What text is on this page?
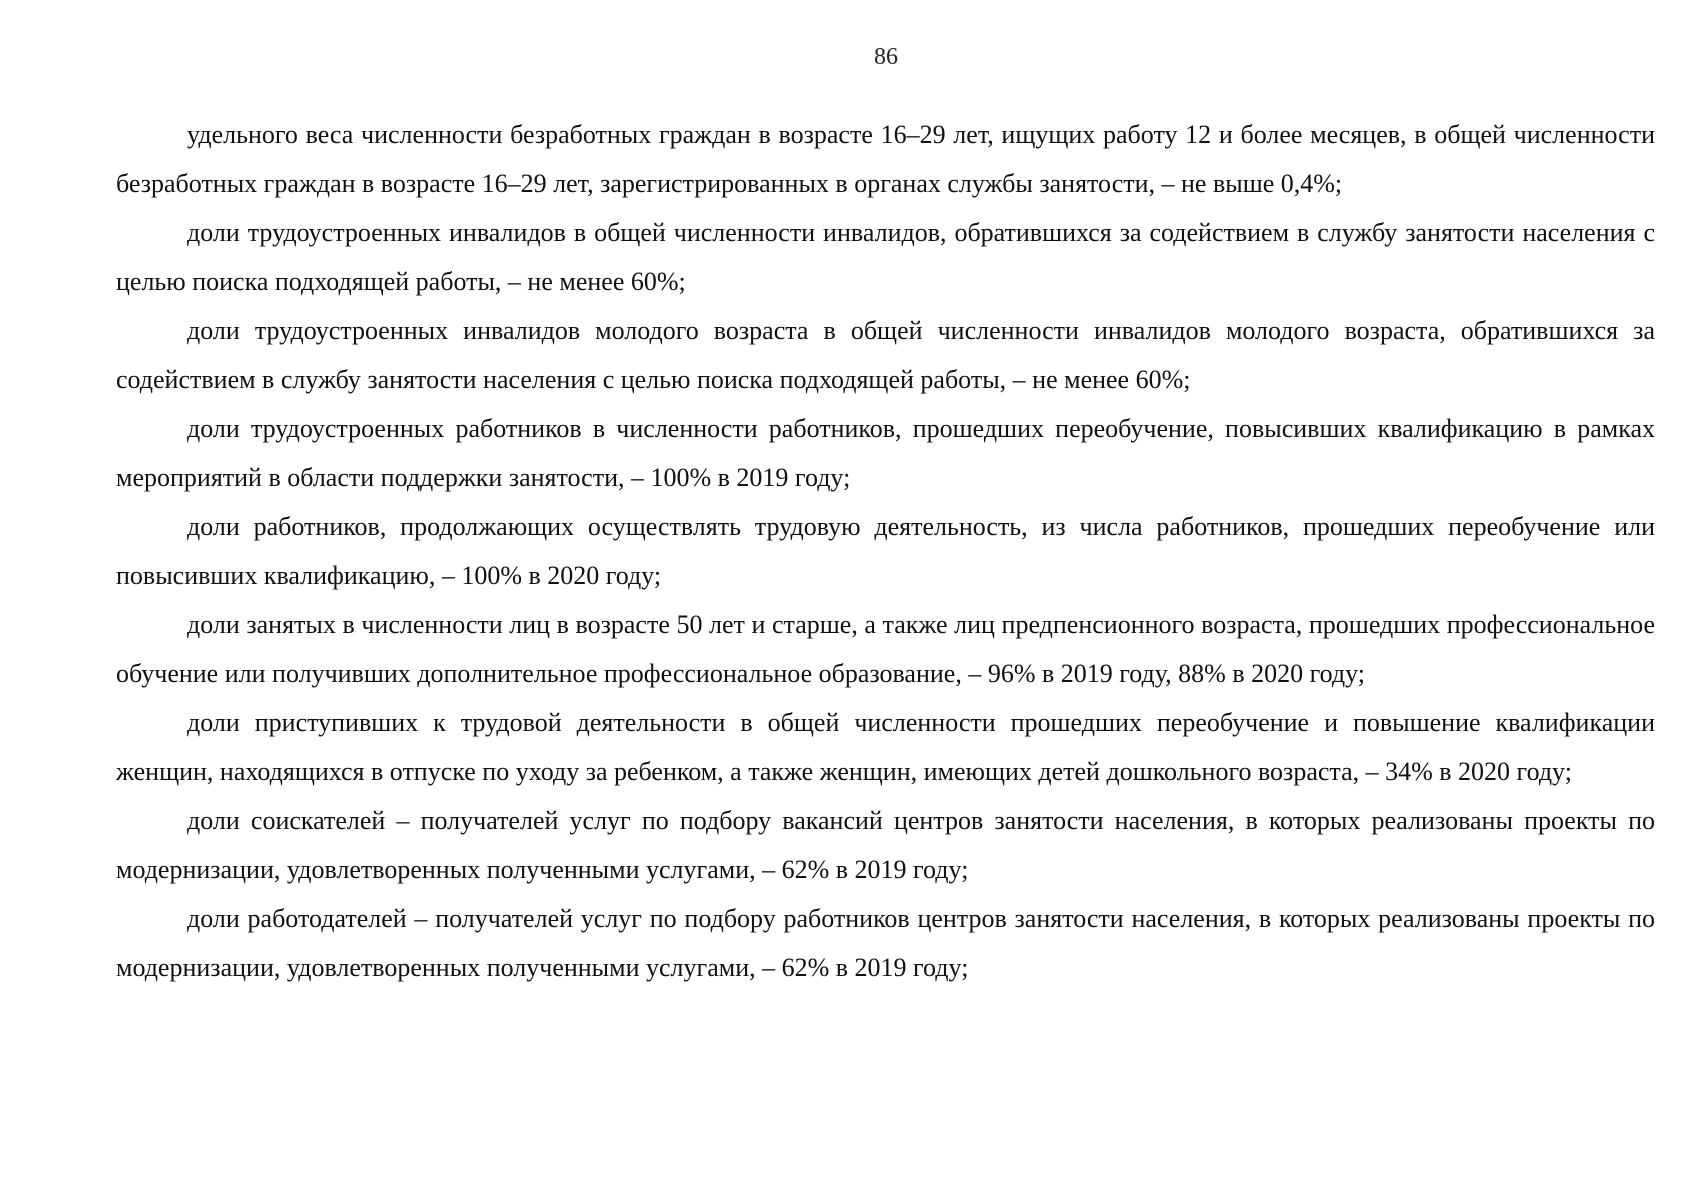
86

удельного веса численности безработных граждан в возрасте 16–29 лет, ищущих работу 12 и более месяцев, в общей численности безработных граждан в возрасте 16–29 лет, зарегистрированных в органах службы занятости, – не выше 0,4%;

доли трудоустроенных инвалидов в общей численности инвалидов, обратившихся за содействием в службу занятости населения с целью поиска подходящей работы, – не менее 60%;

доли трудоустроенных инвалидов молодого возраста в общей численности инвалидов молодого возраста, обратившихся за содействием в службу занятости населения с целью поиска подходящей работы, – не менее 60%;

доли трудоустроенных работников в численности работников, прошедших переобучение, повысивших квалификацию в рамках мероприятий в области поддержки занятости, – 100% в 2019 году;

доли работников, продолжающих осуществлять трудовую деятельность, из числа работников, прошедших переобучение или повысивших квалификацию, – 100% в 2020 году;

доли занятых в численности лиц в возрасте 50 лет и старше, а также лиц предпенсионного возраста, прошедших профессиональное обучение или получивших дополнительное профессиональное образование, – 96% в 2019 году, 88% в 2020 году;

доли приступивших к трудовой деятельности в общей численности прошедших переобучение и повышение квалификации женщин, находящихся в отпуске по уходу за ребенком, а также женщин, имеющих детей дошкольного возраста, – 34% в 2020 году;

доли соискателей – получателей услуг по подбору вакансий центров занятости населения, в которых реализованы проекты по модернизации, удовлетворенных полученными услугами, – 62% в 2019 году;

доли работодателей – получателей услуг по подбору работников центров занятости населения, в которых реализованы проекты по модернизации, удовлетворенных полученными услугами, – 62% в 2019 году;
